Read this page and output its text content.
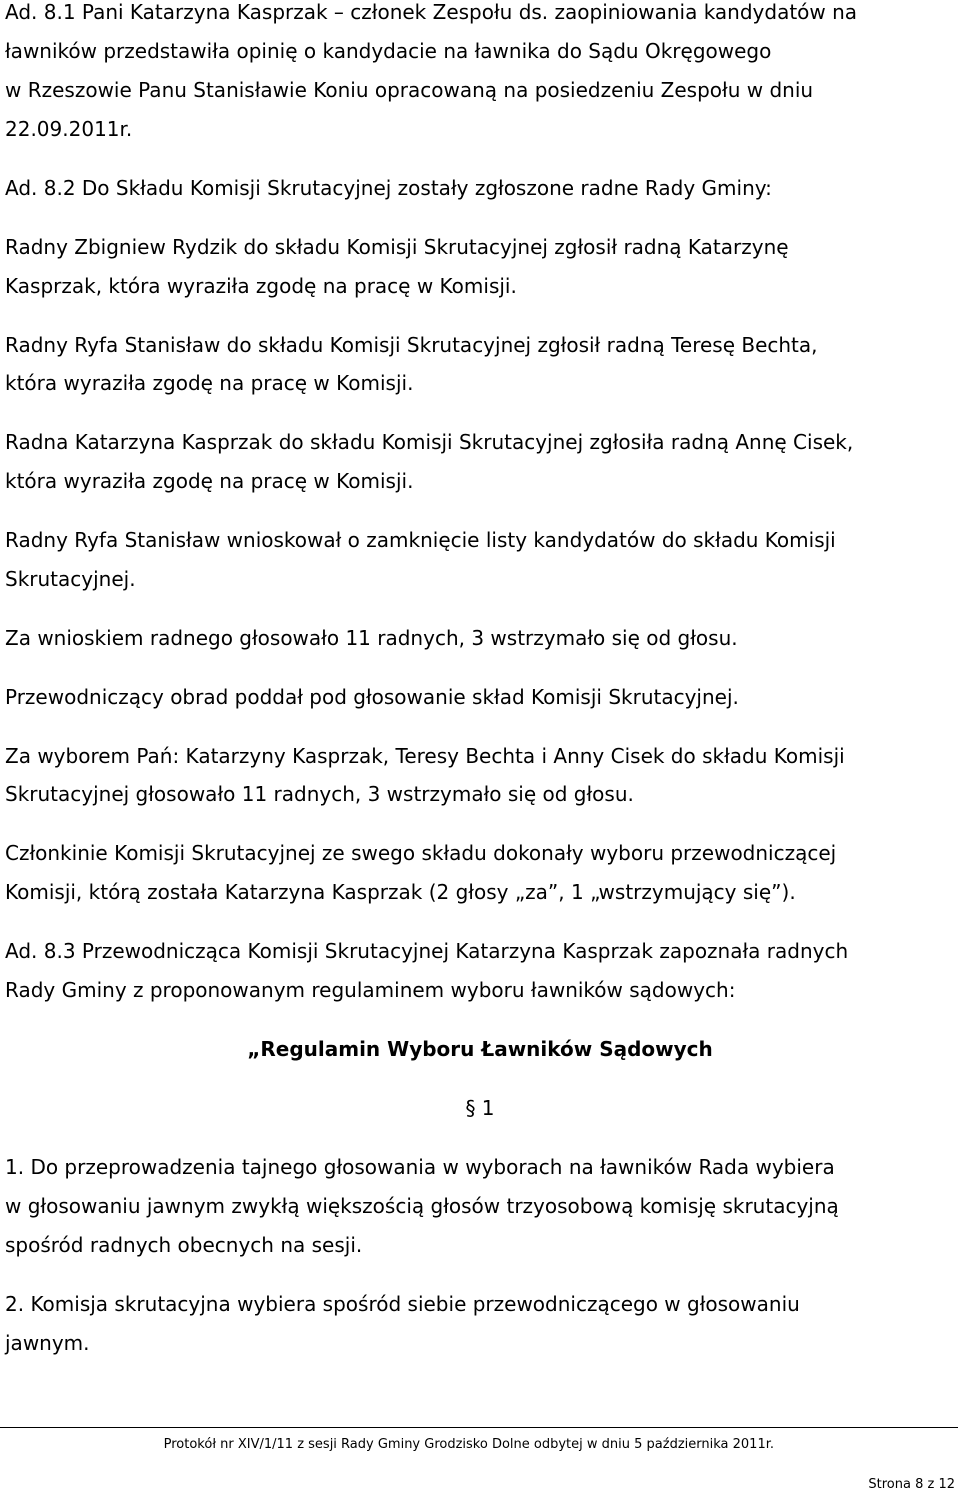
Ad. 8.1 Pani Katarzyna Kasprzak – członek Zespołu ds. zaopiniowania kandydatów na
ławników przedstawiła opinię o kandydacie na ławnika do Sądu Okręgowego
w Rzeszowie Panu Stanisławie Koniu opracowaną na posiedzeniu Zespołu w dniu
22.09.2011r.
Ad. 8.2 Do Składu Komisji Skrutacyjnej zostały zgłoszone radne Rady Gminy:
Radny Zbigniew Rydzik do składu Komisji Skrutacyjnej zgłosił radną Katarzynę
Kasprzak, która wyraziła zgodę na pracę w Komisji.
Radny Ryfa Stanisław do składu Komisji Skrutacyjnej zgłosił radną Teresę Bechta,
która wyraziła zgodę na pracę w Komisji.
Radna Katarzyna Kasprzak do składu Komisji Skrutacyjnej zgłosiła radną Annę Cisek,
która wyraziła zgodę na pracę w Komisji.
Radny Ryfa Stanisław wnioskował o zamknięcie listy kandydatów do składu Komisji
Skrutacyjnej.
Za wnioskiem radnego głosowało 11 radnych, 3 wstrzymało się od głosu.
Przewodniczący obrad poddał pod głosowanie skład Komisji Skrutacyjnej.
Za wyborem Pań: Katarzyny Kasprzak, Teresy Bechta i Anny Cisek do składu Komisji
Skrutacyjnej głosowało 11 radnych, 3 wstrzymało się od głosu.
Członkinie Komisji Skrutacyjnej ze swego składu dokonały wyboru przewodniczącej
Komisji, którą została Katarzyna Kasprzak (2 głosy „za”, 1 „wstrzymujący się”).
Ad. 8.3 Przewodnicząca Komisji Skrutacyjnej Katarzyna Kasprzak zapoznała radnych
Rady Gminy z proponowanym regulaminem wyboru ławników sądowych:
„Regulamin Wyboru Ławników Sądowych
§ 1
1. Do przeprowadzenia tajnego głosowania w wyborach na ławników Rada wybiera
w głosowaniu jawnym zwykłą większością głosów trzyosobową komisję skrutacyjną
spośród radnych obecnych na sesji.
2. Komisja skrutacyjna wybiera spośród siebie przewodniczącego w głosowaniu
jawnym.
Protokół nr XIV/1/11 z sesji Rady Gminy Grodzisko Dolne odbytej w dniu 5 października 2011r.
Strona 8 z 12
